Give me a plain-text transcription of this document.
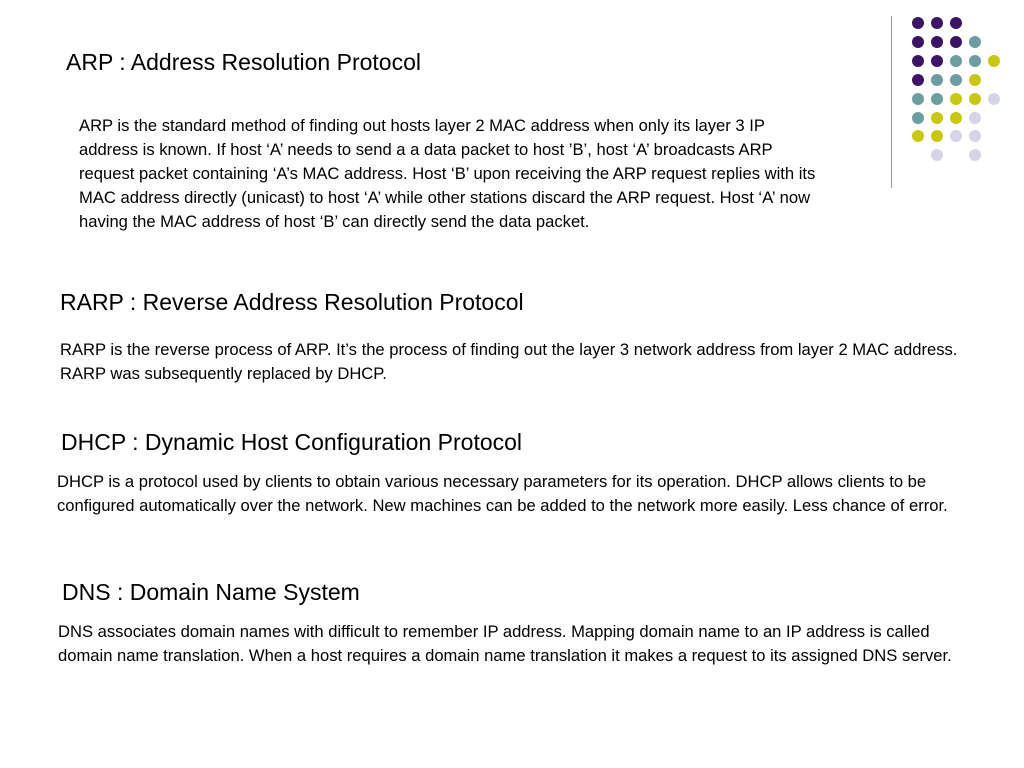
ARP : Address Resolution Protocol

ARP is the standard method of finding out hosts layer 2 MAC address when only its layer 3 IP address is known. If host ‘A’ needs to send a a data packet to host ’B’, host ‘A’ broadcasts ARP request packet containing ‘A’s MAC address. Host ‘B’ upon receiving the ARP request replies with its MAC address directly (unicast) to host ‘A’ while other stations discard the ARP request. Host ‘A’ now having the MAC address of host ‘B’ can directly send the data packet.

RARP : Reverse Address Resolution Protocol

RARP is the reverse process of ARP. It’s the process of finding out the layer 3 network address from layer 2 MAC address. RARP was subsequently replaced by DHCP.

DHCP : Dynamic Host Configuration Protocol

DHCP is a protocol used by clients to obtain various necessary parameters for its operation. DHCP allows clients to be configured automatically over the network. New machines can be added to the network more easily. Less chance of error.

DNS : Domain Name System

DNS associates domain names with difficult to remember IP address. Mapping domain name to an IP address is called domain name translation. When a host requires a domain name translation it makes a request to its assigned DNS server.
